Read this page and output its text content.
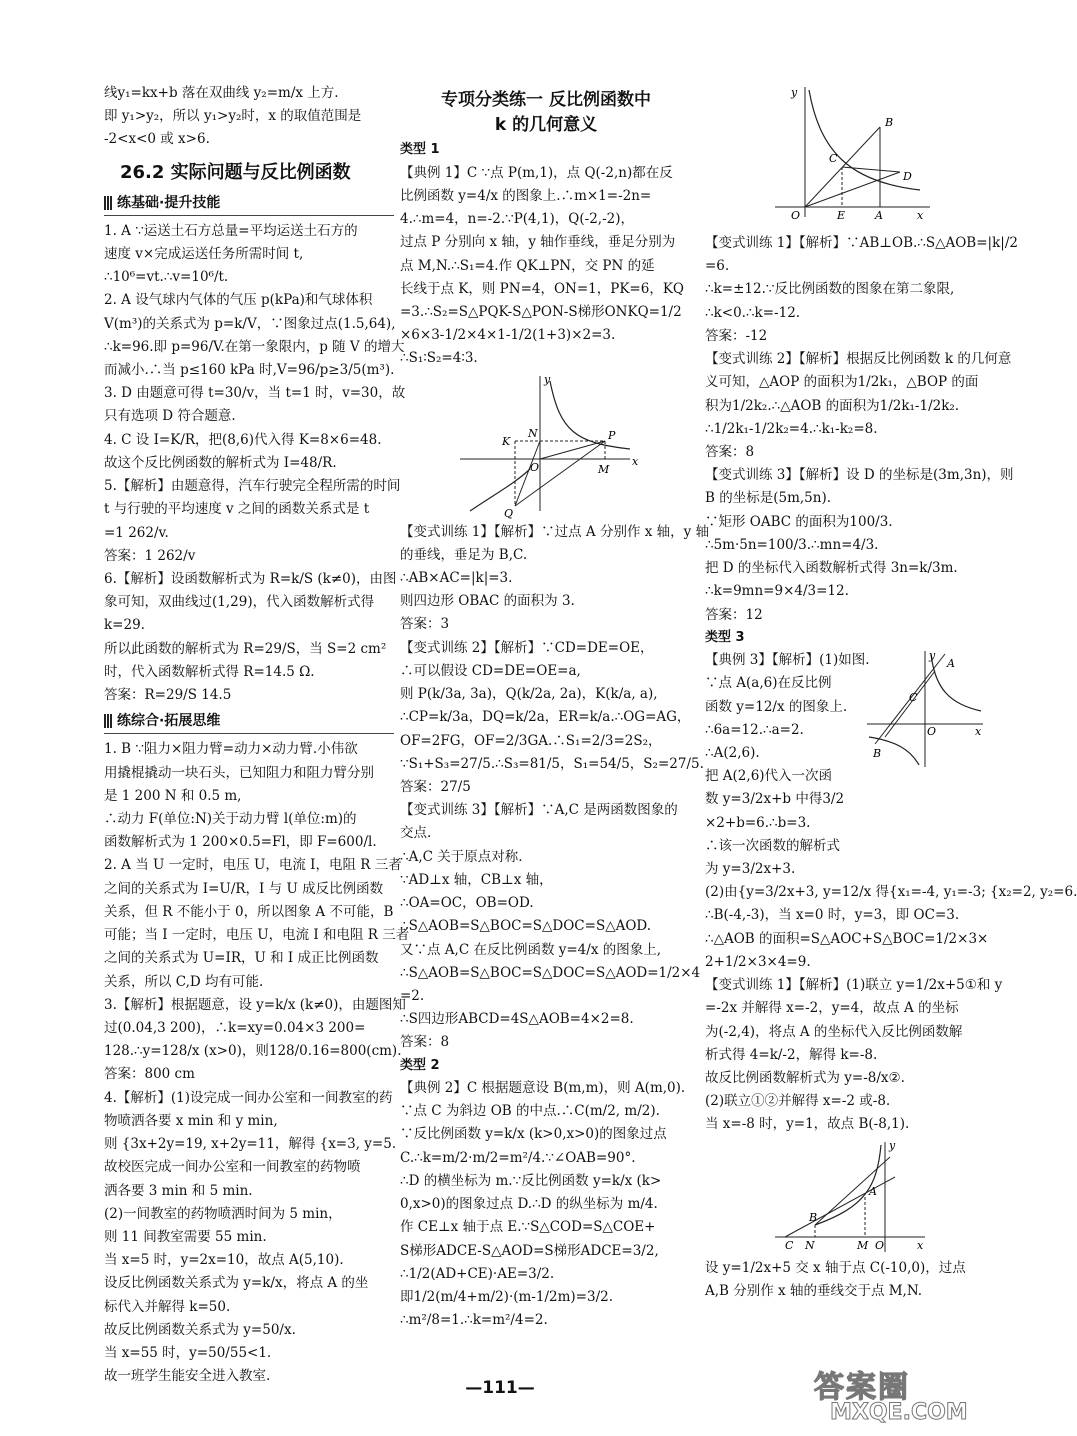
线y₁=kx+b 落在双曲线 y₂=m/x 上方.
即 y₁>y₂，所以 y₁>y₂时，x 的取值范围是
-2<x<0 或 x>6.
26.2 实际问题与反比例函数
练基础·提升技能
1. A ∵运送土石方总量=平均运送土石方的
速度 v×完成运送任务所需时间 t,
∴10⁶=vt.∴v=10⁶/t.
2. A 设气球内气体的气压 p(kPa)和气球体积
V(m³)的关系式为 p=k/V，∵图象过点(1.5,64),
∴k=96.即 p=96/V.在第一象限内，p 随 V 的增大
而减小.∴当 p≤160 kPa 时,V=96/p≥3/5(m³).
3. D 由题意可得 t=30/v，当 t=1 时，v=30，故
只有选项 D 符合题意.
4. C 设 I=K/R，把(8,6)代入得 K=8×6=48.
故这个反比例函数的解析式为 I=48/R.
5.【解析】由题意得，汽车行驶完全程所需的时间
t 与行驶的平均速度 v 之间的函数关系式是 t
=1 262/v.
答案：1 262/v
6.【解析】设函数解析式为 R=k/S (k≠0)，由图
象可知，双曲线过(1,29)，代入函数解析式得
k=29.
所以此函数的解析式为 R=29/S，当 S=2 cm²
时，代入函数解析式得 R=14.5 Ω.
答案：R=29/S 14.5
练综合·拓展思维
1. B ∵阻力×阻力臂=动力×动力臂.小伟欲
用撬棍撬动一块石头，已知阻力和阻力臂分别
是 1 200 N 和 0.5 m,
∴动力 F(单位:N)关于动力臂 l(单位:m)的
函数解析式为 1 200×0.5=Fl，即 F=600/l.
2. A 当 U 一定时，电压 U，电流 I，电阻 R 三者
之间的关系式为 I=U/R，I 与 U 成反比例函数
关系，但 R 不能小于 0，所以图象 A 不可能，B
可能；当 I 一定时，电压 U，电流 I 和电阻 R 三者
之间的关系式为 U=IR，U 和 I 成正比例函数
关系，所以 C,D 均有可能.
3.【解析】根据题意，设 y=k/x (k≠0)，由题图知
过(0.04,3 200)，∴k=xy=0.04×3 200=
128.∴y=128/x (x>0)，则128/0.16=800(cm).
答案：800 cm
4.【解析】(1)设完成一间办公室和一间教室的药
物喷洒各要 x min 和 y min,
则 {3x+2y=19, x+2y=11，解得 {x=3, y=5.
故校医完成一间办公室和一间教室的药物喷
洒各要 3 min 和 5 min.
(2)一间教室的药物喷洒时间为 5 min，
则 11 间教室需要 55 min.
当 x=5 时，y=2x=10，故点 A(5,10).
设反比例函数关系式为 y=k/x，将点 A 的坐
标代入并解得 k=50.
故反比例函数关系式为 y=50/x.
当 x=55 时，y=50/55<1.
故一班学生能安全进入教室.
专项分类练一 反比例函数中
k 的几何意义
类型 1
【典例 1】C ∵点 P(m,1)，点 Q(-2,n)都在反
比例函数 y=4/x 的图象上.∴m×1=-2n=
4.∴m=4，n=-2.∵P(4,1)，Q(-2,-2)，
过点 P 分别向 x 轴，y 轴作垂线，垂足分别为
点 M,N.∴S₁=4.作 QK⊥PN，交 PN 的延
长线于点 K，则 PN=4，ON=1，PK=6，KQ
=3.∴S₂=S△PQK-S△PON-S梯形ONKQ=1/2
×6×3-1/2×4×1-1/2(1+3)×2=3.
∴S₁∶S₂=4∶3.
y
K
N
O
P
M
x
Q
【变式训练 1】【解析】∵过点 A 分别作 x 轴，y 轴
的垂线，垂足为 B,C.
∴AB×AC=|k|=3.
则四边形 OBAC 的面积为 3.
答案：3
【变式训练 2】【解析】∵CD=DE=OE，
∴可以假设 CD=DE=OE=a,
则 P(k/3a, 3a)，Q(k/2a, 2a)，K(k/a, a),
∴CP=k/3a，DQ=k/2a，ER=k/a.∴OG=AG，
OF=2FG，OF=2/3GA.∴S₁=2/3=2S₂，
∵S₁+S₃=27/5.∴S₃=81/5，S₁=54/5，S₂=27/5.
答案：27/5
【变式训练 3】【解析】∵A,C 是两函数图象的
交点.
∴A,C 关于原点对称.
∵AD⊥x 轴，CB⊥x 轴，
∴OA=OC，OB=OD.
∴S△AOB=S△BOC=S△DOC=S△AOD.
又∵点 A,C 在反比例函数 y=4/x 的图象上,
∴S△AOB=S△BOC=S△DOC=S△AOD=1/2×4
=2.
∴S四边形ABCD=4S△AOB=4×2=8.
答案：8
类型 2
【典例 2】C 根据题意设 B(m,m)，则 A(m,0).
∵点 C 为斜边 OB 的中点.∴C(m/2, m/2).
∵反比例函数 y=k/x (k>0,x>0)的图象过点
C.∴k=m/2·m/2=m²/4.∵∠OAB=90°.
∴D 的横坐标为 m.∵反比例函数 y=k/x (k>
0,x>0)的图象过点 D.∴D 的纵坐标为 m/4.
作 CE⊥x 轴于点 E.∵S△COD=S△COE+
S梯形ADCE-S△AOD=S梯形ADCE=3/2,
∴1/2(AD+CE)·AE=3/2.
即1/2(m/4+m/2)·(m-1/2m)=3/2.
∴m²/8=1.∴k=m²/4=2.
y
B
C
D
O	E	A	x
【变式训练 1】【解析】∵AB⊥OB.∴S△AOB=|k|/2
=6.
∴k=±12.∵反比例函数的图象在第二象限,
∴k<0.∴k=-12.
答案：-12
【变式训练 2】【解析】根据反比例函数 k 的几何意
义可知，△AOP 的面积为1/2k₁，△BOP 的面
积为1/2k₂.∴△AOB 的面积为1/2k₁-1/2k₂.
∴1/2k₁-1/2k₂=4.∴k₁-k₂=8.
答案：8
【变式训练 3】【解析】设 D 的坐标是(3m,3n)，则
B 的坐标是(5m,5n).
∵矩形 OABC 的面积为100/3.
∴5m·5n=100/3.∴mn=4/3.
把 D 的坐标代入函数解析式得 3n=k/3m.
∴k=9mn=9×4/3=12.
答案：12
类型 3
y
A
C
O	x
B
【典例 3】【解析】(1)如图.
∵点 A(a,6)在反比例
函数 y=12/x 的图象上.
∴6a=12.∴a=2.
∴A(2,6).
把 A(2,6)代入一次函
数 y=3/2x+b 中得3/2
×2+b=6.∴b=3.
∴该一次函数的解析式
为 y=3/2x+3.
(2)由{y=3/2x+3, y=12/x 得{x₁=-4, y₁=-3; {x₂=2, y₂=6.
∴B(-4,-3)，当 x=0 时，y=3，即 OC=3.
∴△AOB 的面积=S△AOC+S△BOC=1/2×3×
2+1/2×3×4=9.
【变式训练 1】【解析】(1)联立 y=1/2x+5①和 y
=-2x 并解得 x=-2，y=4，故点 A 的坐标
为(-2,4)，将点 A 的坐标代入反比例函数解
析式得 4=k/-2，解得 k=-8.
故反比例函数解析式为 y=-8/x②.
(2)联立①②并解得 x=-2 或-8.
当 x=-8 时，y=1，故点 B(-8,1).
y
A
B
C N	M O	x
设 y=1/2x+5 交 x 轴于点 C(-10,0)，过点
A,B 分别作 x 轴的垂线交于点 M,N.
—111—	答案圈
MXQE.COM
